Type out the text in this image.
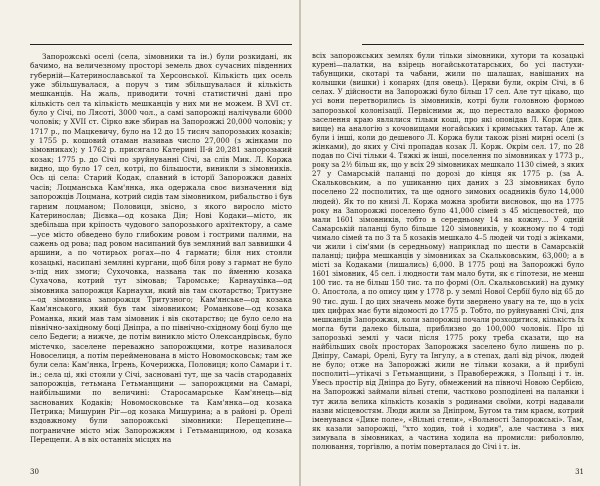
Запорожські оселі (села, зімовники та ін.) були розкидані, як бачимо, на величезному просторі земель двох сучасних південних губерній—Катеринославської та Херсонської. Кількість цих осель уже збільшувалася, а поруч з тим збільшувалася й кількість мешканців. На жаль, приводити точні статистичні дані про кількість сел та кількість мешканців у них ми не можем. В XVI ст. було у Січі, по Лясоті, 3000 чол., а самі запорожці налічували 6000 чоловік; у XVII ст. Сірко вже збирав на Запорожжі 20,000 чоловік; у 1717 р., по Мацкевичу, було на 12 до 15 тисяч запорозьких козаків; у 1755 р. кошовий отаман називав число 27,000 (з жінками по зімовниках); у 1762 р. присягало Катерині II-й 20,281 запорозький козак; 1775 р. до Січі по зруйнуванні Січі, за слів Мик. Л. Коржа видно, що було 17 сел, котрі, по більшости, виникли з зімовників. Ось ці села: Старий Кодак, славний в історії Запорожжя давніх часів; Лоцманська Кам'янка, яка одержала своє визначення від запорожців Лоцмана, котрий сидів там зімовником, рибальство і був гарним лоцманом; Половиця, звісно, з якого виросло місто Катеринослав; Дієвка—од козака Дія; Нові Кодаки—місто, як здебільша при кріпость чудового запорозького архітектору, а саме—усе місто обведено було глибоким ровом і гострими палями, на сажень од рова; пад ровом насипаний був земляний вал заввишки 4 аршини, а по чотирьох рогах—по 4 гармати; біля них стояли козацькі, насипані земляні кургани, щоб біля рову з гармат не було з-під них змоги; Сухочовка, названа так по йменню козака Сухачова, котрий тут зімовав; Таромське; Карнаухівка—од зімовника запорожця Карнаухи, який вів там скотарство; Тритузне—од зімовника запорожця Тритузного; Кам'янське—од козака Кам'янського, який був там зімовником; Романкове—од козака Романка, який мав там зімовник і вів скотарство; це було село на північно-західному боці Дніпра, а по північно-східному боці було ще село Бедеги; а нижче, де потім виникло місто Олександрівськ, було містечко, заселене переважно запорожцями, котре називалося Новоселиця, а потім перейменована в місто Новомосковськ; там же були села: Кам'янка, Ігрень, Кочерижка, Половиця; коло Самари і т. ін.; села ці, які стояли у Січі, засновані тут, ще за часів стародавніх запорожців, гетьмана Гетьманщини — запорожцями на Самарі, найбільшими по величині: Старосамарське Кам'янець—від заснованих Кодаків; Новомосковське та Кам'янка—од козака Петрика; Мишурин Ріг—од козака Мишурина; а в районі р. Орелі вздовжному були запорожські зімовники: Перещепине—пограничне місто між Запорожжям і Гетьманщиною, од козака Перещепи. А в віх останніх місцях на
30
всіх запорожських землях були тільки зімовники, хутори та козацькі курені—палатки, на взірець ногайськотатарських, бо усі пастухи-табунщики, скотарі та чабани, жили по шалашах, навішаних на колышки (вишки) і копарях (для овець). Церкви були, окрім Січі, в 6 селах. У дійсности на Запорожжі було більш 17 сел. Але тут цікаво, що усі вони перетворились із зімовників, котрі були головною формою запорозької колонізації. Первісними ж, що перестало важко формою заселення краю являлися тільки коші, про які оповідав Л. Корж (див. вище) на аналогію з кочовищами ногайських і кримських татар. Але ж були і інші, коли до дешевого Л. Коржа були також різні мирні оселі (з жінками), до яких у Січі пропадав козак Л. Корж. Окрім сел. 17, по 28 подав по Січі тільки 4. Тяжкі ж інші, поселення по зімовниках у 1773 р., року за 2½ більш як, що у всіх 29 зімовниках мешкало 1130 сімей, з яких 27 у Самарській паланці по дорозі до кінця як 1775 р. (за А. Скальковським, а по ушиканню цих даних з 23 зімовниках було поселено 22 посполитих, та ще одного зимових осадників було 14,000 людей). Як то по книзі Л. Коржа можна зробити висновок, що на 1775 року на Запорожжі поселено було 41,000 сімей з 45 місцевостей, що мали 1601 зімовників, тобто в середньому 14 на кожну... У одній Самарській паланці було більше 120 зімовників, у кожному по 4 тоді чимало сімей та по 3 та 5 козаків мешкало 4–5 людей чи тоді з жінками, чи жили і сім'ями (в середньому) наприклад по шести в Самарській паланці; цифра мешканців у зімовниках за Скальковським, 63,000; а в місті за Кодаками (лишались) 6,000. В 1775 році на Запорожжі було 1601 зімовник, 45 сел. і людности там мало бути, як є гіпотези, не менш 100 тис. та не більш 150 тис. та по формі (Ол. Скальковський) на думку О. Апостола, а по опису цим у 1778 р. у землі Нової Сербії було від 65 до 90 тис. душ. І до цих значень може бути звернено увагу на те, що в усіх цих цифрах має бути відомості до 1775 р. Тобто, по руйнуванні Січі, для мешканців Запорожжя, коли запорожці почали розходитися, кількість їх могла бути далеко більша, приблизно до 100,000 чоловік. Про ці запорозькі землі у часи після 1775 року треба сказати, що на найбільших своїх просторах Запорожжя заселено було лишень по р. Дніпру, Самарі, Орелі, Бугу та Інгулу, а в степах, далі від річок, людей не було; отже на Запорожжі жили не тільки козаки, а й прибулі посполиті—утікачі з Гетьманщини, з Правобережжя, з Польщі і т. ін. Увесь простір від Дніпра до Бугу, обмежений на півночі Новою Сербією, на Запорожжі займали вільні степи, частково розподілені на паланки і тут жила велика кількість козаків з родинами своїми, котрі надавали назви місцевостям. Люди жили за Дніпром, Бугом та тим краєм, котрий іменувався «Дике поле», «Вільні степи», «Вольності Запорожські». Там, як казали запорожці, "хто ходив, той і ходив", але частина з них зимувала в зімовниках, а частина ходила на промисли: риболовлю, полювання, торгівлю, а потім поверталася до Січі і т. ін.
31
